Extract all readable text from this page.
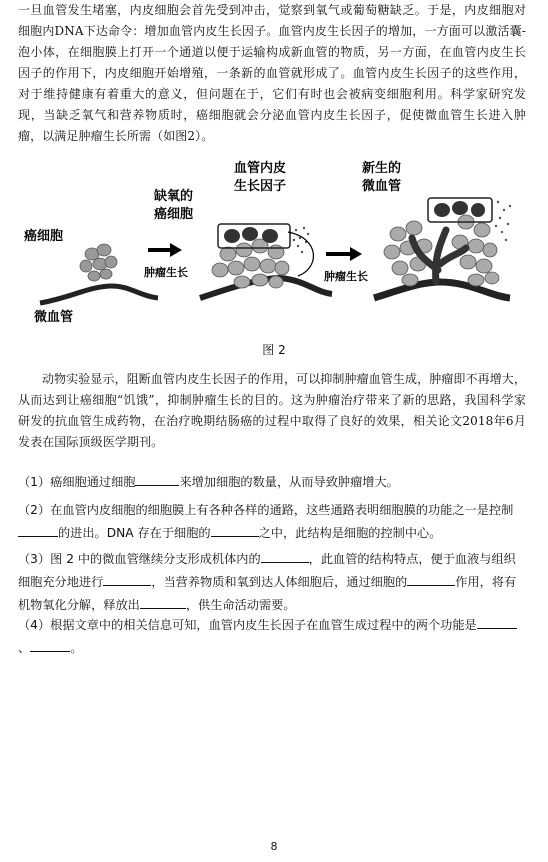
一旦血管发生堵塞，内皮细胞会首先受到冲击，觉察到氧气或葡萄糖缺乏。于是，内皮细胞对细胞内DNA下达命令：增加血管内皮生长因子。血管内皮生长因子的增加，一方面可以激活囊-泡小体，在细胞膜上打开一个通道以便于运输构成新血管的物质，另一方面，在血管内皮生长因子的作用下，内皮细胞开始增殖，一条新的血管就形成了。血管内皮生长因子的这些作用，对于维持健康有着重大的意义，但问题在于，它们有时也会被病变细胞利用。科学家研究发现，当缺乏氧气和营养物质时，癌细胞就会分泌血管内皮生长因子，促使微血管生长进入肿瘤，以满足肿瘤生长所需（如图2）。
癌细胞
微血管
肿瘤生长
缺氧的
癌细胞
血管内皮
生长因子
肿瘤生长
新生的
微血管
图 2
动物实验显示，阻断血管内皮生长因子的作用，可以抑制肿瘤血管生成，肿瘤即不再增大，从而达到让癌细胞“饥饿”，抑制肿瘤生长的目的。这为肿瘤治疗带来了新的思路，我国科学家研发的抗血管生成药物，在治疗晚期结肠癌的过程中取得了良好的效果，相关论文2018年6月发表在国际顶级医学期刊。
（1）癌细胞通过细胞	来增加细胞的数量，从而导致肿瘤增大。
（2）在血管内皮细胞的细胞膜上有各种各样的通路，这些通路表明细胞膜的功能之一是控制的进出。DNA 存在于细胞的	之中，此结构是细胞的控制中心。
（3）图 2 中的微血管继续分支形成机体内的	，此血管的结构特点，便于血液与组织细胞充分地进行	，当营养物质和氧到达人体细胞后，通过细胞的	作用，将有机物氧化分解，释放出	，供生命活动需要。
（4）根据文章中的相关信息可知，血管内皮生长因子在血管生成过程中的两个功能是、	。
8
